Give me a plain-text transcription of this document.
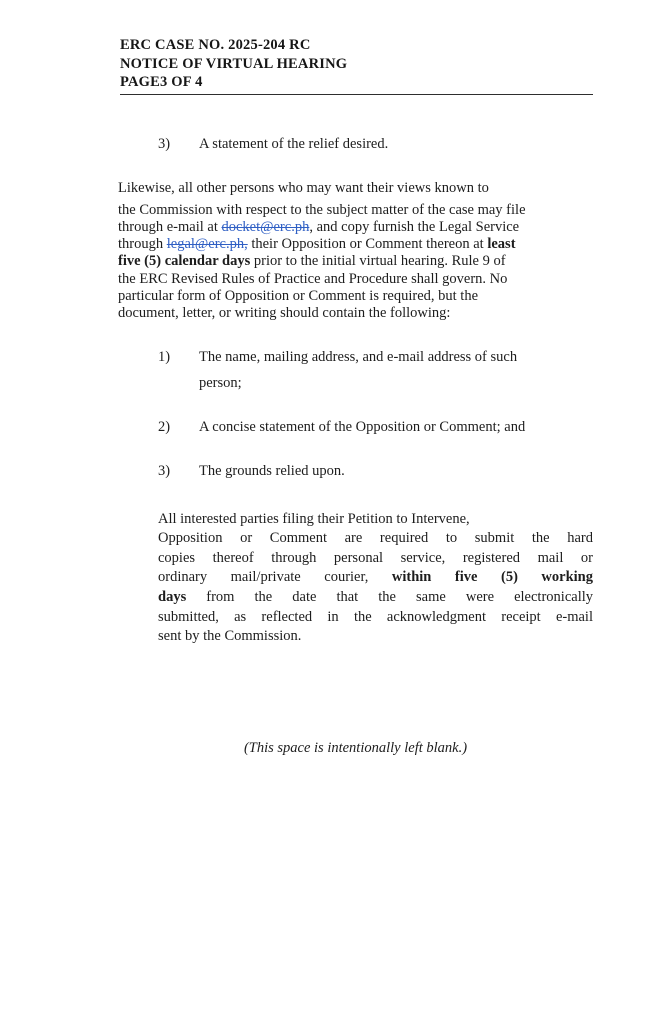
ERC CASE NO. 2025-204 RC
NOTICE OF VIRTUAL HEARING
PAGE3 OF 4
3)	A statement of the relief desired.
Likewise, all other persons who may want their views known to
the Commission with respect to the subject matter of the case may file
through e-mail at docket@erc.ph, and copy furnish the Legal Service
through legal@erc.ph, their Opposition or Comment thereon at least
five (5) calendar days prior to the initial virtual hearing. Rule 9 of
the ERC Revised Rules of Practice and Procedure shall govern. No
particular form of Opposition or Comment is required, but the
document, letter, or writing should contain the following:
1)	The name, mailing address, and e-mail address of such
person;
2)	A concise statement of the Opposition or Comment; and
3)	The grounds relied upon.
All interested parties filing their Petition to Intervene,
Opposition or Comment are required to submit the hard
copies thereof through personal service, registered mail or
ordinary mail/private courier, within five (5) working
days from the date that the same were electronically
submitted, as reflected in the acknowledgment receipt e-mail
sent by the Commission.
(This space is intentionally left blank.)
